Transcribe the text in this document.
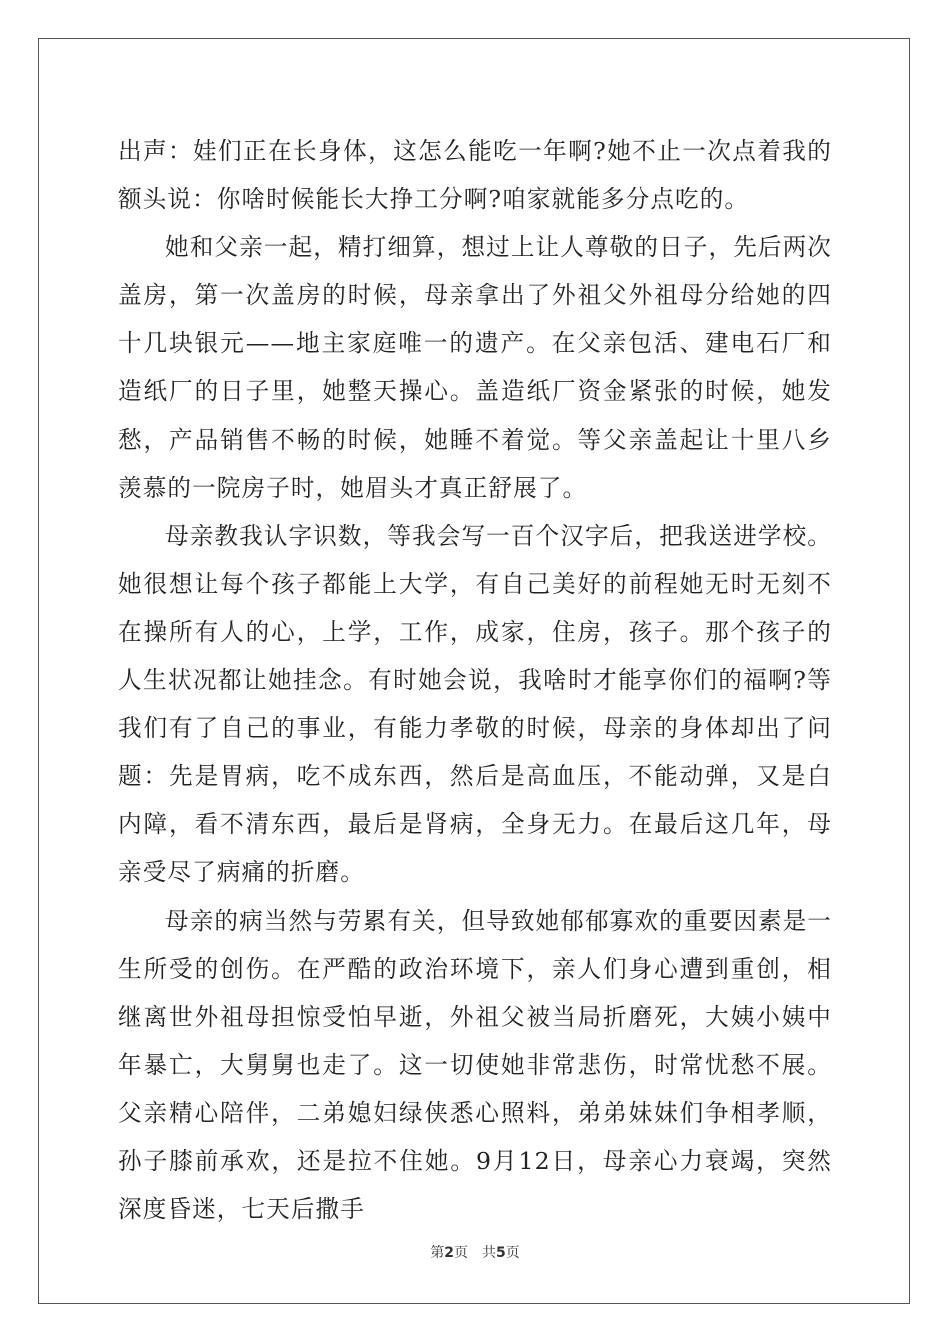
出声：娃们正在长身体，这怎么能吃一年啊?她不止一次点着我的额头说：你啥时候能长大挣工分啊?咱家就能多分点吃的。

她和父亲一起，精打细算，想过上让人尊敬的日子，先后两次盖房，第一次盖房的时候，母亲拿出了外祖父外祖母分给她的四十几块银元——地主家庭唯一的遗产。在父亲包活、建电石厂和造纸厂的日子里，她整天操心。盖造纸厂资金紧张的时候，她发愁，产品销售不畅的时候，她睡不着觉。等父亲盖起让十里八乡羡慕的一院房子时，她眉头才真正舒展了。

母亲教我认字识数，等我会写一百个汉字后，把我送进学校。她很想让每个孩子都能上大学，有自己美好的前程她无时无刻不在操所有人的心，上学，工作，成家，住房，孩子。那个孩子的人生状况都让她挂念。有时她会说，我啥时才能享你们的福啊?等我们有了自己的事业，有能力孝敬的时候，母亲的身体却出了问题：先是胃病，吃不成东西，然后是高血压，不能动弹，又是白内障，看不清东西，最后是肾病，全身无力。在最后这几年，母亲受尽了病痛的折磨。

母亲的病当然与劳累有关，但导致她郁郁寡欢的重要因素是一生所受的创伤。在严酷的政治环境下，亲人们身心遭到重创，相继离世外祖母担惊受怕早逝，外祖父被当局折磨死，大姨小姨中年暴亡，大舅舅也走了。这一切使她非常悲伤，时常忧愁不展。父亲精心陪伴，二弟媳妇绿侠悉心照料，弟弟妹妹们争相孝顺，孙子膝前承欢，还是拉不住她。9月12日，母亲心力衰竭，突然深度昏迷，七天后撒手

第2页 共5页
